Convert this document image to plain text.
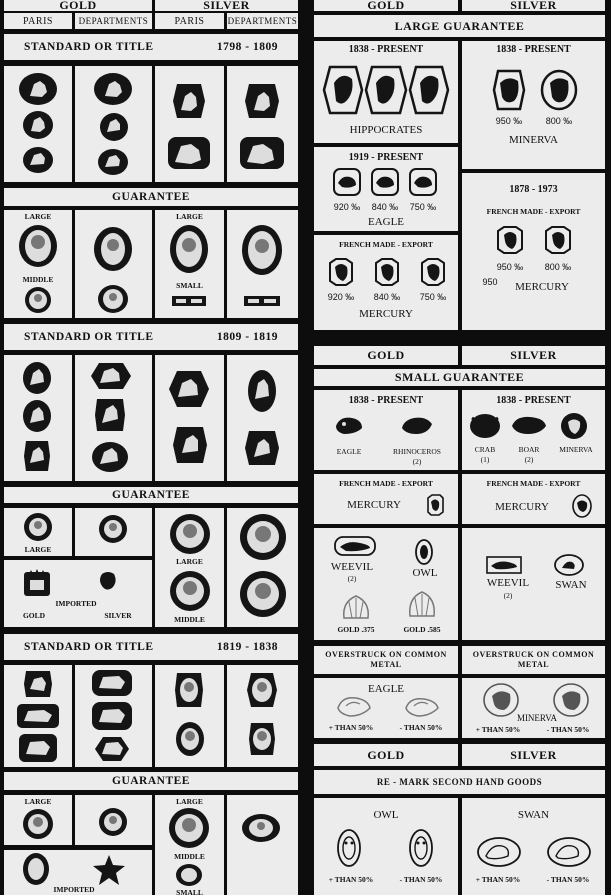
GOLD	SILVER
PARIS	DEPARTMENTS	PARIS	DEPARTMENTS
STANDARD OR TITLE	1798 - 1809
GUARANTEE
LARGE
MIDDLE
LARGE
SMALL
STANDARD OR TITLE	1809 - 1819
GUARANTEE
LARGE
IMPORTED
GOLD	SILVER
LARGE
MIDDLE
STANDARD OR TITLE	1819 - 1838
GUARANTEE
LARGE	LARGE
MIDDLE
SMALL
IMPORTED
GOLD	SILVER
LARGE GUARANTEE
1838 - PRESENT
HIPPOCRATES
1838 - PRESENT
950 ‰	800 ‰
MINERVA
1919 - PRESENT
920 ‰	840 ‰	750 ‰
EAGLE
1878 - 1973
FRENCH MADE - EXPORT
950 ‰	800 ‰
950	MERCURY
FRENCH MADE - EXPORT
920 ‰	840 ‰	750 ‰
MERCURY
GOLD	SILVER
SMALL GUARANTEE
1838 - PRESENT
EAGLE	RHINOCEROS
(2)
1838 - PRESENT
CRAB
(1)
BOAR
(2)
MINERVA
FRENCH MADE - EXPORT
MERCURY
FRENCH MADE - EXPORT
MERCURY
WEEVIL
(2)	OWL
GOLD .375	GOLD .585
WEEVIL
(2)
SWAN
OVERSTRUCK ON COMMON METAL
OVERSTRUCK ON COMMON METAL
EAGLE
+ THAN 50%	- THAN 50%
MINERVA
+ THAN 50%	- THAN 50%
GOLD	SILVER
RE - MARK SECOND HAND GOODS
OWL
+ THAN 50%	- THAN 50%
SWAN
+ THAN 50%	- THAN 50%
